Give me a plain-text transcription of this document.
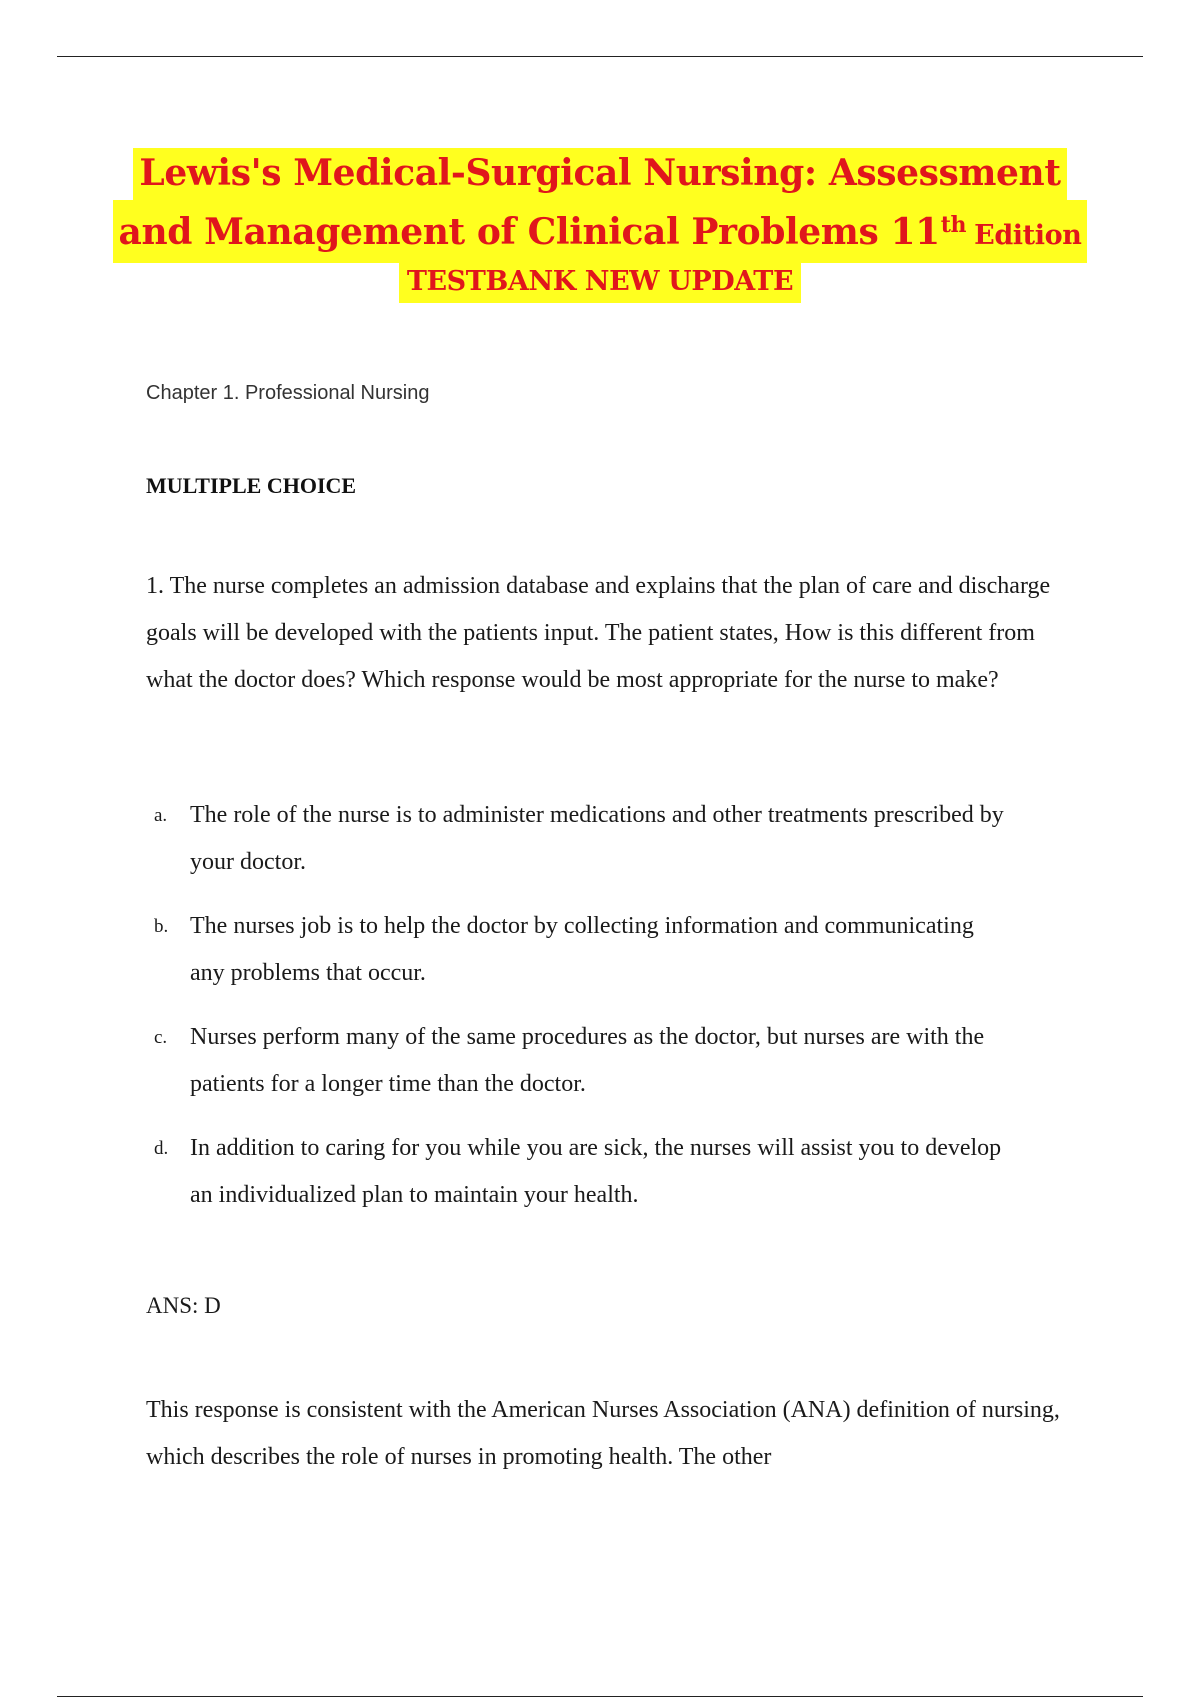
Lewis's Medical-Surgical Nursing: Assessment
and Management of Clinical Problems 11th Edition
TESTBANK NEW UPDATE
Chapter 1. Professional Nursing
MULTIPLE CHOICE
1. The nurse completes an admission database and explains that the plan of care and discharge goals will be developed with the patients input. The patient states, How is this different from what the doctor does? Which response would be most appropriate for the nurse to make?
a. The role of the nurse is to administer medications and other treatments prescribed by your doctor.
b. The nurses job is to help the doctor by collecting information and communicating any problems that occur.
c. Nurses perform many of the same procedures as the doctor, but nurses are with the patients for a longer time than the doctor.
d. In addition to caring for you while you are sick, the nurses will assist you to develop an individualized plan to maintain your health.
ANS: D
This response is consistent with the American Nurses Association (ANA) definition of nursing, which describes the role of nurses in promoting health. The other
